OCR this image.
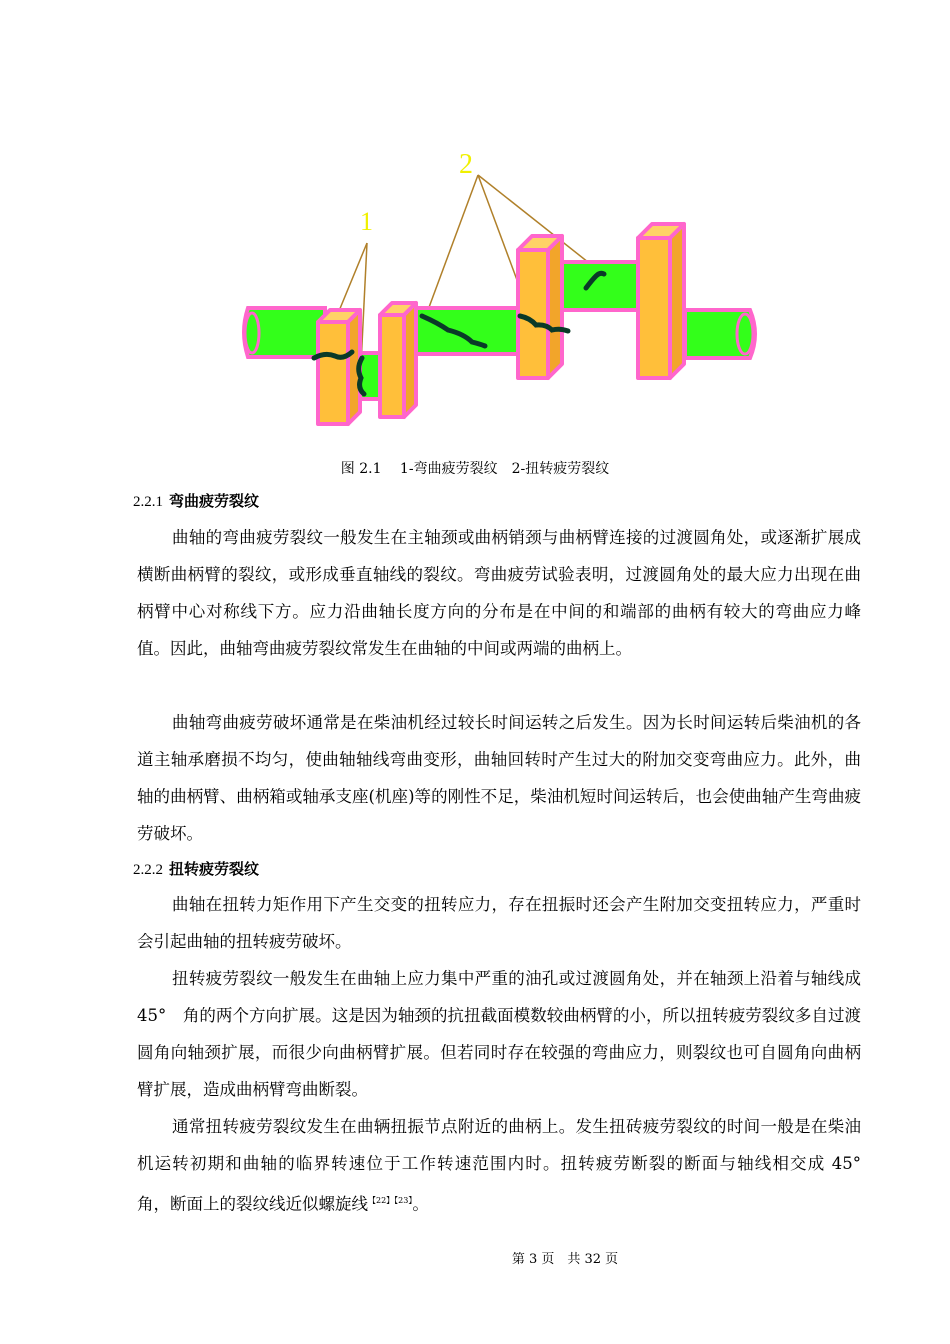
1
2
图 2.1　 1-弯曲疲劳裂纹　2-扭转疲劳裂纹
2.2.1 弯曲疲劳裂纹
曲轴的弯曲疲劳裂纹一般发生在主轴颈或曲柄销颈与曲柄臂连接的过渡圆角处，或逐渐扩展成横断曲柄臂的裂纹，或形成垂直轴线的裂纹。弯曲疲劳试验表明，过渡圆角处的最大应力出现在曲柄臂中心对称线下方。应力沿曲轴长度方向的分布是在中间的和端部的曲柄有较大的弯曲应力峰值。因此，曲轴弯曲疲劳裂纹常发生在曲轴的中间或两端的曲柄上。
曲轴弯曲疲劳破坏通常是在柴油机经过较长时间运转之后发生。因为长时间运转后柴油机的各道主轴承磨损不均匀，使曲轴轴线弯曲变形，曲轴回转时产生过大的附加交变弯曲应力。此外，曲轴的曲柄臂、曲柄箱或轴承支座(机座)等的刚性不足，柴油机短时间运转后，也会使曲轴产生弯曲疲劳破坏。
2.2.2 扭转疲劳裂纹
曲轴在扭转力矩作用下产生交变的扭转应力，存在扭振时还会产生附加交变扭转应力，严重时会引起曲轴的扭转疲劳破坏。
扭转疲劳裂纹一般发生在曲轴上应力集中严重的油孔或过渡圆角处，并在轴颈上沿着与轴线成 45°　角的两个方向扩展。这是因为轴颈的抗扭截面模数较曲柄臂的小，所以扭转疲劳裂纹多自过渡圆角向轴颈扩展，而很少向曲柄臂扩展。但若同时存在较强的弯曲应力，则裂纹也可自圆角向曲柄臂扩展，造成曲柄臂弯曲断裂。
通常扭转疲劳裂纹发生在曲辆扭振节点附近的曲柄上。发生扭砖疲劳裂纹的时间一般是在柴油机运转初期和曲轴的临界转速位于工作转速范围内时。扭转疲劳断裂的断面与轴线相交成 45°　角，断面上的裂纹线近似螺旋线$^{【22】【23】}$。
第 3 页　共 32 页
